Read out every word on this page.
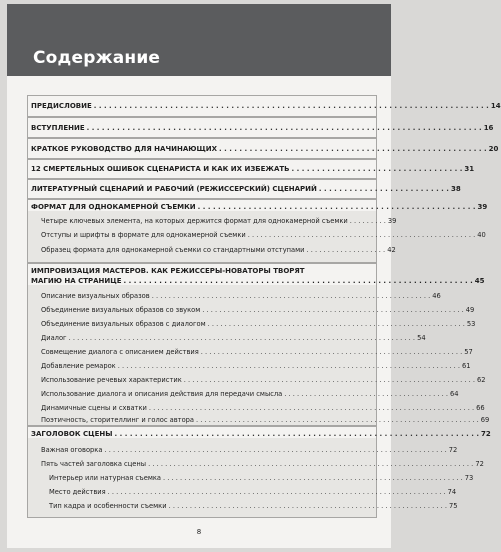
Содержание
ПРЕДИСЛОВИЕ . . . . . . . . . . . . . . . . . . . . . . . . . . . . . . . . . . . . . . . . . . . . . . . . . . . . . . . . . . . . . . . . . . . . . . . . . . . . . . 14
ВСТУПЛЕНИЕ . . . . . . . . . . . . . . . . . . . . . . . . . . . . . . . . . . . . . . . . . . . . . . . . . . . . . . . . . . . . . . . . . . . . . . . . . . . . . . 16
КРАТКОЕ РУКОВОДСТВО ДЛЯ НАЧИНАЮЩИХ . . . . . . . . . . . . . . . . . . . . . . . . . . . . . . . . . . . . . . . . . . . . . . . . . . . . . 20
12 СМЕРТЕЛЬНЫХ ОШИБОК СЦЕНАРИСТА И КАК ИХ ИЗБЕЖАТЬ . . . . . . . . . . . . . . . . . . . . . . . . . . . . . . . . . . 31
ЛИТЕРАТУРНЫЙ СЦЕНАРИЙ И РАБОЧИЙ (РЕЖИССЕРСКИЙ) СЦЕНАРИЙ . . . . . . . . . . . . . . . . . . . . . . . . . . 38
ФОРМАТ ДЛЯ ОДНОКАМЕРНОЙ СЪЕМКИ . . . . . . . . . . . . . . . . . . . . . . . . . . . . . . . . . . . . . . . . . . . . . . . . . . . . . . . 39
Четыре ключевых элемента, на которых держится формат для однокамерной съемки . . . . . . . . . 39
Отступы и шрифты в формате для однокамерной съемки . . . . . . . . . . . . . . . . . . . . . . . . . . . . . . . . . . . . . . . . . . . . . . . . . . . . . . 40
Образец формата для однокамерной съемки со стандартными отступами . . . . . . . . . . . . . . . . . . . 42
ИМПРОВИЗАЦИЯ МАСТЕРОВ. КАК РЕЖИССЕРЫ-НОВАТОРЫ ТВОРЯТ
МАГИЮ НА СТРАНИЦЕ . . . . . . . . . . . . . . . . . . . . . . . . . . . . . . . . . . . . . . . . . . . . . . . . . . . . . . . . . . . . . . . . . . . . . 45
Описание визуальных образов . . . . . . . . . . . . . . . . . . . . . . . . . . . . . . . . . . . . . . . . . . . . . . . . . . . . . . . . . . . . . . . . . . 46
Объединение визуальных образов со звуком . . . . . . . . . . . . . . . . . . . . . . . . . . . . . . . . . . . . . . . . . . . . . . . . . . . . . . . . . . . . . . 49
Объединение визуальных образов с диалогом . . . . . . . . . . . . . . . . . . . . . . . . . . . . . . . . . . . . . . . . . . . . . . . . . . . . . . . . . . . . . 53
Диалог . . . . . . . . . . . . . . . . . . . . . . . . . . . . . . . . . . . . . . . . . . . . . . . . . . . . . . . . . . . . . . . . . . . . . . . . . . . . . . . . . . 54
Совмещение диалога с описанием действия . . . . . . . . . . . . . . . . . . . . . . . . . . . . . . . . . . . . . . . . . . . . . . . . . . . . . . . . . . . . . . 57
Добавление ремарок . . . . . . . . . . . . . . . . . . . . . . . . . . . . . . . . . . . . . . . . . . . . . . . . . . . . . . . . . . . . . . . . . . . . . . . . . . . . . . . . . 61
Использование речевых характеристик . . . . . . . . . . . . . . . . . . . . . . . . . . . . . . . . . . . . . . . . . . . . . . . . . . . . . . . . . . . . . . . . . . . . . 62
Использование диалога и описания действия для передачи смысла . . . . . . . . . . . . . . . . . . . . . . . . . . . . . . . . . . . . . . . 64
Динамичные сцены и схватки . . . . . . . . . . . . . . . . . . . . . . . . . . . . . . . . . . . . . . . . . . . . . . . . . . . . . . . . . . . . . . . . . . . . . . . . . . . . . 66
Поэтичность, сторителлинг и голос автора . . . . . . . . . . . . . . . . . . . . . . . . . . . . . . . . . . . . . . . . . . . . . . . . . . . . . . . . . . . . . . . . . . . 69
ЗАГОЛОВОК СЦЕНЫ . . . . . . . . . . . . . . . . . . . . . . . . . . . . . . . . . . . . . . . . . . . . . . . . . . . . . . . . . . . . . . . . . . . . . . . . 72
Важная оговорка . . . . . . . . . . . . . . . . . . . . . . . . . . . . . . . . . . . . . . . . . . . . . . . . . . . . . . . . . . . . . . . . . . . . . . . . . . . . . . . . . 72
Пять частей заголовка сцены . . . . . . . . . . . . . . . . . . . . . . . . . . . . . . . . . . . . . . . . . . . . . . . . . . . . . . . . . . . . . . . . . . . . . . . . . . . . . 72
Интерьер или натурная съемка . . . . . . . . . . . . . . . . . . . . . . . . . . . . . . . . . . . . . . . . . . . . . . . . . . . . . . . . . . . . . . . . . . . . . . . 73
Место действия . . . . . . . . . . . . . . . . . . . . . . . . . . . . . . . . . . . . . . . . . . . . . . . . . . . . . . . . . . . . . . . . . . . . . . . . . . . . . . . . 74
Тип кадра и особенности съемки . . . . . . . . . . . . . . . . . . . . . . . . . . . . . . . . . . . . . . . . . . . . . . . . . . . . . . . . . . . . . . . . . . 75
8
